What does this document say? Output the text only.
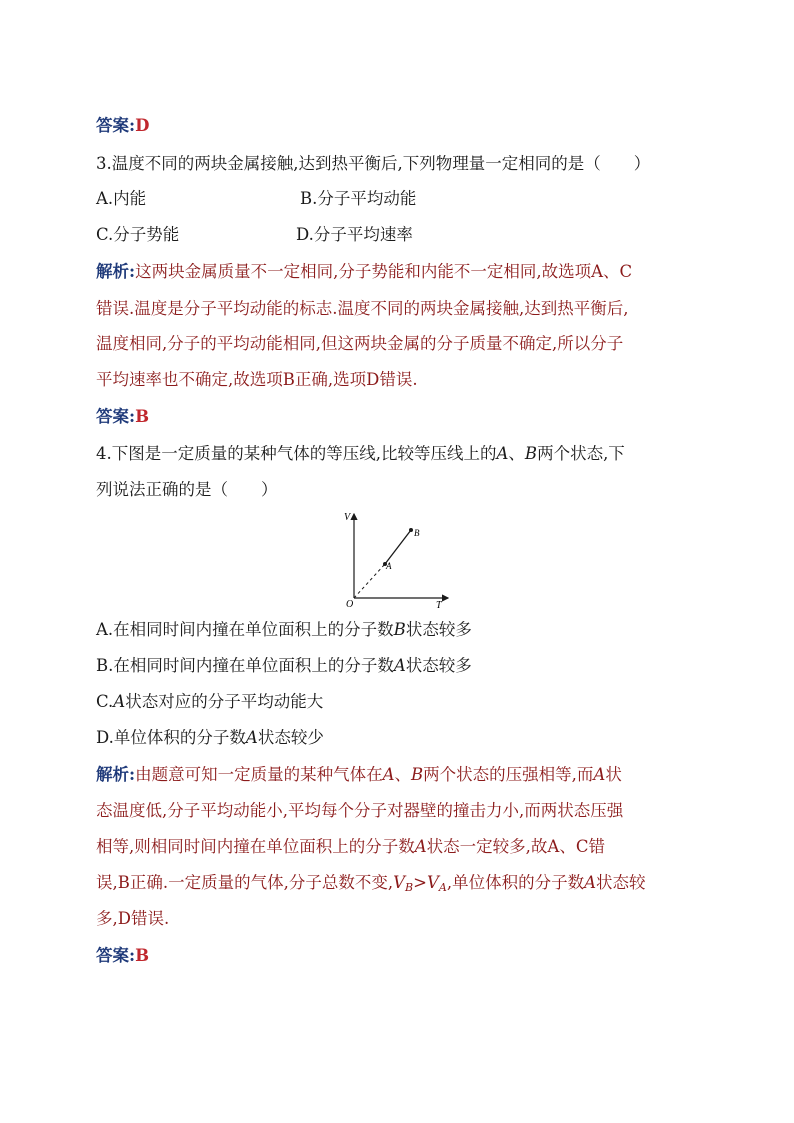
答案:D
3.温度不同的两块金属接触,达到热平衡后,下列物理量一定相同的是（　　）
A.内能	B.分子平均动能
C.分子势能	D.分子平均速率
解析:这两块金属质量不一定相同,分子势能和内能不一定相同,故选项A、C
错误.温度是分子平均动能的标志.温度不同的两块金属接触,达到热平衡后,
温度相同,分子的平均动能相同,但这两块金属的分子质量不确定,所以分子
平均速率也不确定,故选项B正确,选项D错误.
答案:B
4.下图是一定质量的某种气体的等压线,比较等压线上的A、B两个状态,下
列说法正确的是（　　）
V
T
O
A
B
A.在相同时间内撞在单位面积上的分子数B状态较多
B.在相同时间内撞在单位面积上的分子数A状态较多
C.A状态对应的分子平均动能大
D.单位体积的分子数A状态较少
解析:由题意可知一定质量的某种气体在A、B两个状态的压强相等,而A状
态温度低,分子平均动能小,平均每个分子对器壁的撞击力小,而两状态压强
相等,则相同时间内撞在单位面积上的分子数A状态一定较多,故A、C错
误,B正确.一定质量的气体,分子总数不变$,V_B>V_A$,单位体积的分子数A状态较
多,D错误.
答案:B
